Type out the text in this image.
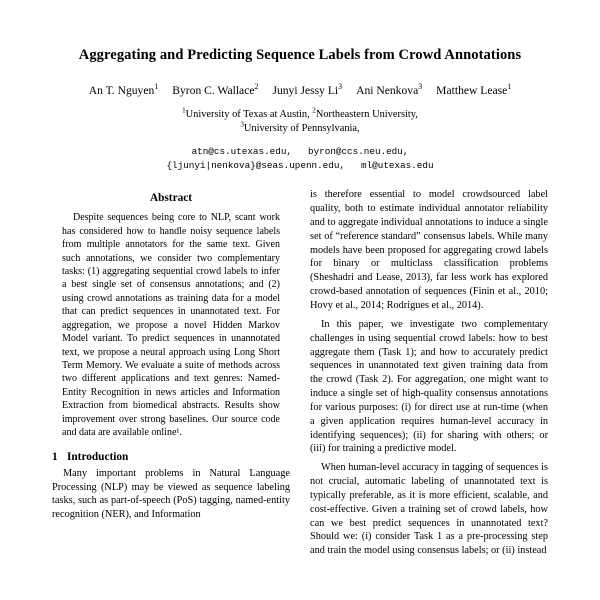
Aggregating and Predicting Sequence Labels from Crowd Annotations
An T. Nguyen$^1$ Byron C. Wallace$^2$ Junyi Jessy Li$^3$ Ani Nenkova$^3$ Matthew Lease$^1$
$^1$University of Texas at Austin, $^2$Northeastern University,
$^3$University of Pennsylvania,
atn@cs.utexas.edu, byron@ccs.neu.edu,
{ljunyi|nenkova}@seas.upenn.edu, ml@utexas.edu
Abstract

Despite sequences being core to NLP, scant work has considered how to handle noisy sequence labels from multiple annotators for the same text. Given such annotations, we consider two complementary tasks: (1) aggregating sequential crowd labels to infer a best single set of consensus annotations; and (2) using crowd annotations as training data for a model that can predict sequences in unannotated text. For aggregation, we propose a novel Hidden Markov Model variant. To predict sequences in unannotated text, we propose a neural approach using Long Short Term Memory. We evaluate a suite of methods across two different applications and text genres: Named-Entity Recognition in news articles and Information Extraction from biomedical abstracts. Results show improvement over strong baselines. Our source code and data are available online¹.

1 Introduction

Many important problems in Natural Language Processing (NLP) may be viewed as sequence labeling tasks, such as part-of-speech (PoS) tagging, named-entity recognition (NER), and Information

is therefore essential to model crowdsourced label quality, both to estimate individual annotator reliability and to aggregate individual annotations to induce a single set of “reference standard” consensus labels. While many models have been proposed for aggregating crowd labels for binary or multiclass classification problems (Sheshadri and Lease, 2013), far less work has explored crowd-based annotation of sequences (Finin et al., 2010; Hovy et al., 2014; Rodrigues et al., 2014).

In this paper, we investigate two complementary challenges in using sequential crowd labels: how to best aggregate them (Task 1); and how to accurately predict sequences in unannotated text given training data from the crowd (Task 2). For aggregation, one might want to induce a single set of high-quality consensus annotations for various purposes: (i) for direct use at run-time (when a given application requires human-level accuracy in identifying sequences); (ii) for sharing with others; or (iii) for training a predictive model.

When human-level accuracy in tagging of sequences is not crucial, automatic labeling of unannotated text is typically preferable, as it is more efficient, scalable, and cost-effective. Given a training set of crowd labels, how can we best predict sequences in unannotated text? Should we: (i) consider Task 1 as a pre-processing step and train the model using consensus labels; or (ii) instead
